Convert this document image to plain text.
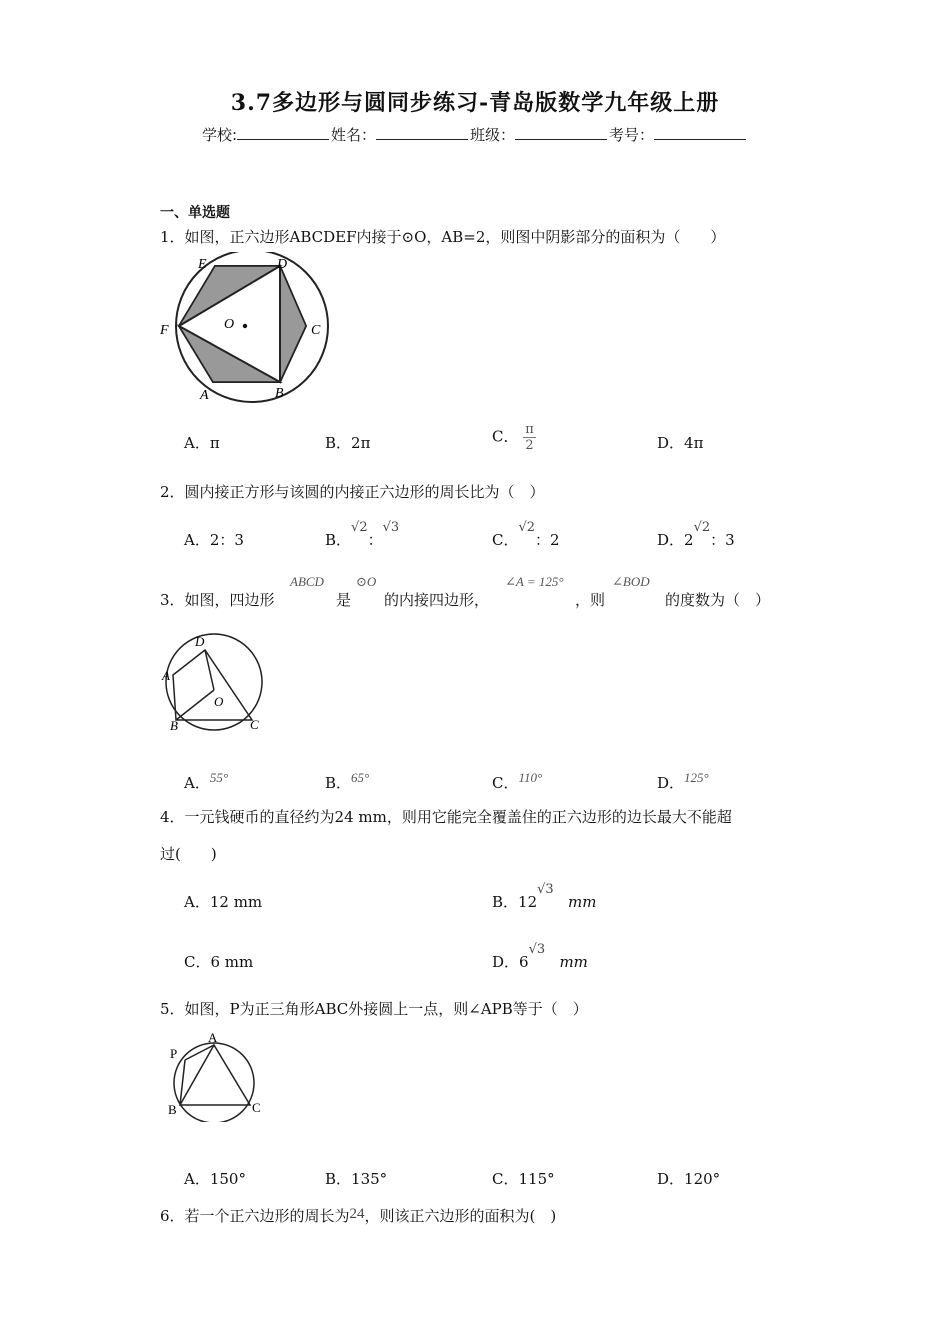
3.7多边形与圆同步练习-青岛版数学九年级上册
学校:	姓名：	班级：	考号：
一、单选题
1．如图，正六边形ABCDEF内接于⊙O，AB=2，则图中阴影部分的面积为（　　）
E	D
F	C
O
A	B
A．π	B．2π	C． $\frac{\pi}{2}$	D．4π
2．圆内接正方形与该圆的内接正六边形的周长比为（　）
A．2：3	B．√2：√3
C．√2：2	D．2√2：3
3．如图，四边形
ABCD
是
⊙O
的内接四边形，
∠A = 125°
，则
∠BOD
的度数为（　）
D
A
O
B	C
A．55°	B．65°	C．110°	D．125°
4．一元钱硬币的直径约为24 mm，则用它能完全覆盖住的正六边形的边长最大不能超
过(　　)
A．12 mm	B．12√3   mm
C．6 mm	D．6√3   mm
5．如图，P为正三角形ABC外接圆上一点，则∠APB等于（　）
A
P
B	C
A．150°	B．135°	C．115°	D．120°
6．若一个正六边形的周长为24，则该正六边形的面积为(　)
